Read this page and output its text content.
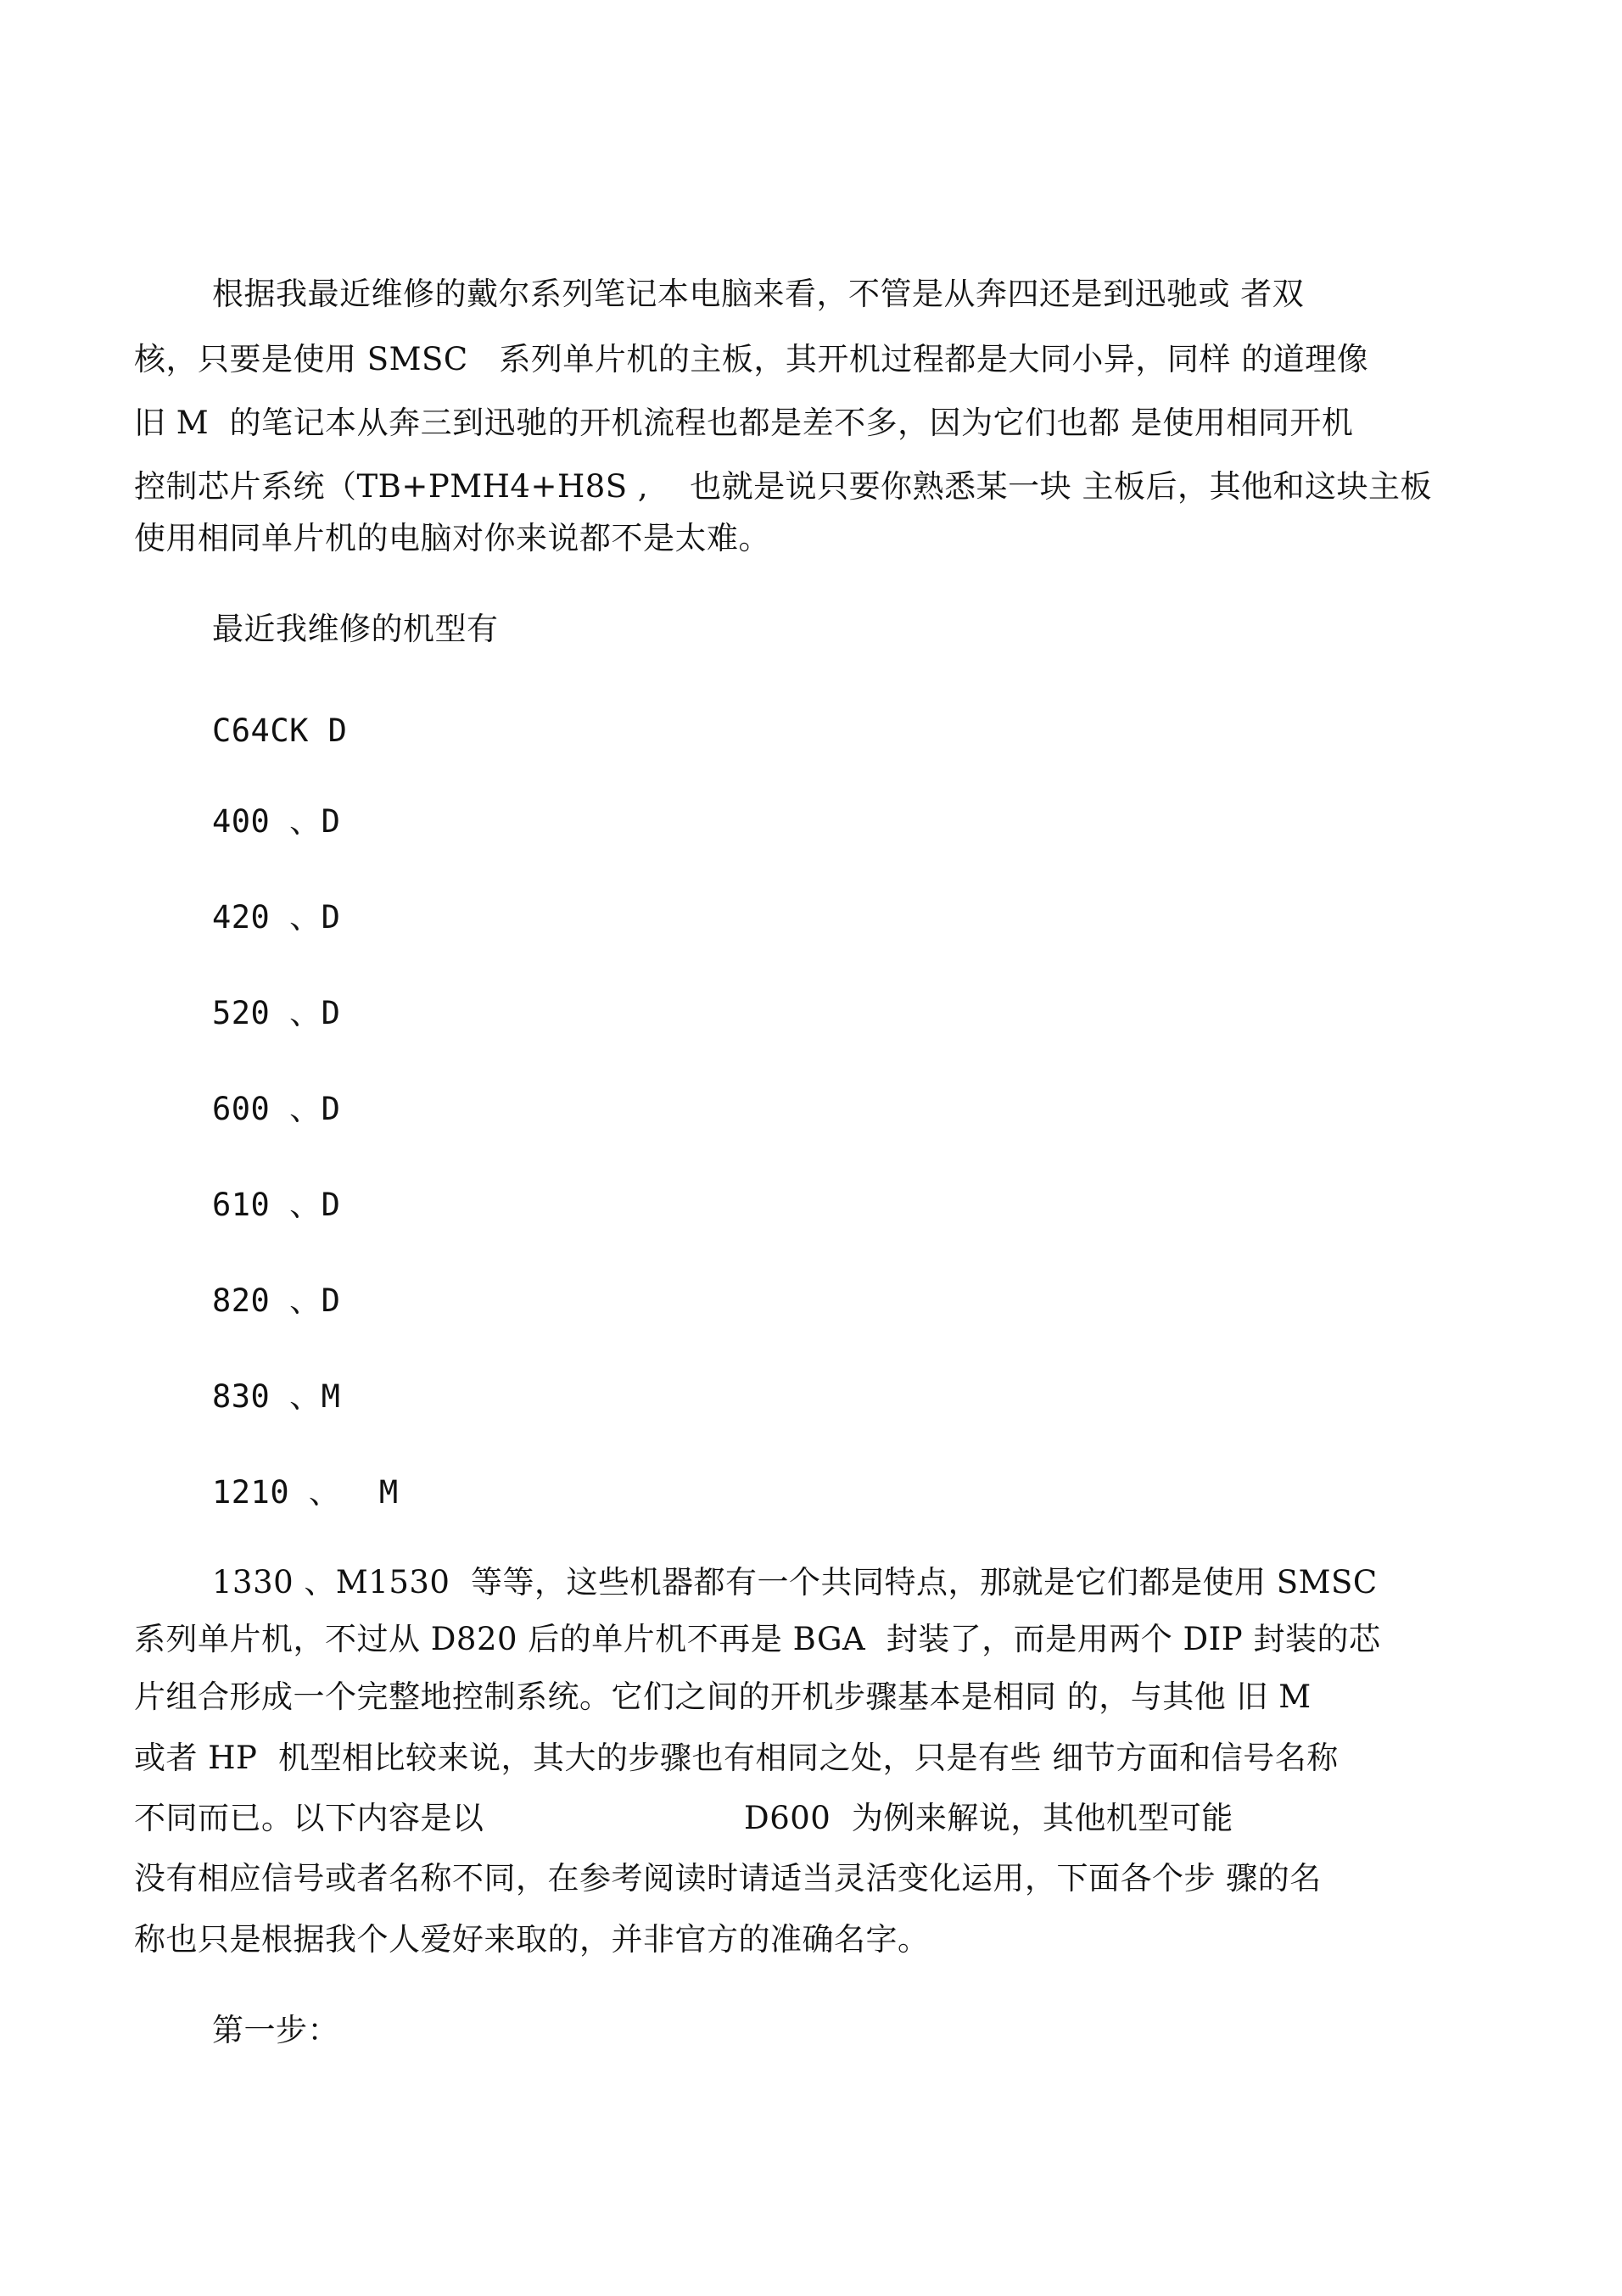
根据我最近维修的戴尔系列笔记本电脑来看，不管是从奔四还是到迅驰或 者双
核，只要是使用 SMSC   系列单片机的主板，其开机过程都是大同小异，同样 的道理像
旧 M  的笔记本从奔三到迅驰的开机流程也都是差不多，因为它们也都 是使用相同开机
控制芯片系统（TB+PMH4+H8S ,    也就是说只要你熟悉某一块 主板后，其他和这块主板
使用相同单片机的电脑对你来说都不是太难。
最近我维修的机型有
C64CK D
400 、D
420 、D
520 、D
600 、D
610 、D
820 、D
830 、M
1210 、  M
1330 、M1530  等等，这些机器都有一个共同特点，那就是它们都是使用 SMSC
系列单片机，不过从 D820 后的单片机不再是 BGA  封装了，而是用两个 DIP 封装的芯
片组合形成一个完整地控制系统。它们之间的开机步骤基本是相同 的，与其他 旧 M
或者 HP  机型相比较来说，其大的步骤也有相同之处，只是有些 细节方面和信号名称
不同而已。以下内容是以                         D600  为例来解说，其他机型可能
没有相应信号或者名称不同，在参考阅读时请适当灵活变化运用，下面各个步 骤的名
称也只是根据我个人爱好来取的，并非官方的准确名字。
第一步：
